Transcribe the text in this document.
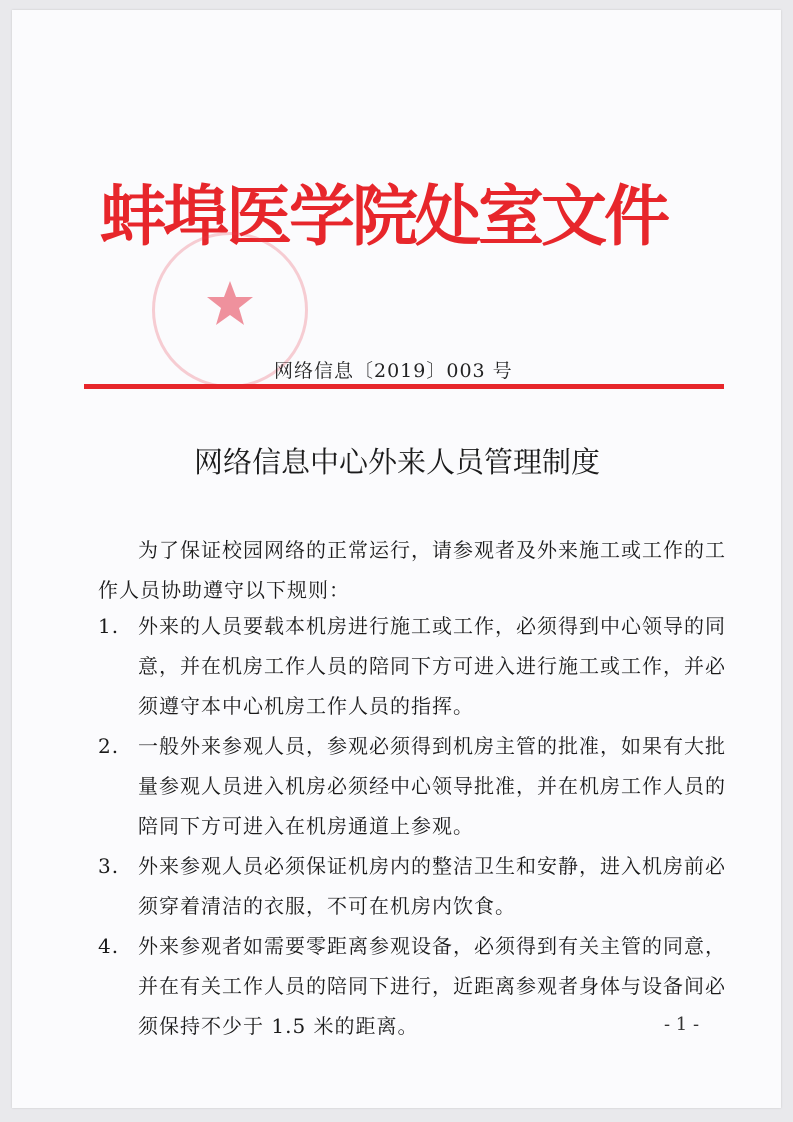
蚌埠医学院处室文件
网络信息〔2019〕003 号
网络信息中心外来人员管理制度
为了保证校园网络的正常运行，请参观者及外来施工或工作的工作人员协助遵守以下规则：
1. 外来的人员要载本机房进行施工或工作，必须得到中心领导的同意，并在机房工作人员的陪同下方可进入进行施工或工作，并必须遵守本中心机房工作人员的指挥。
2. 一般外来参观人员，参观必须得到机房主管的批准，如果有大批量参观人员进入机房必须经中心领导批准，并在机房工作人员的陪同下方可进入在机房通道上参观。
3. 外来参观人员必须保证机房内的整洁卫生和安静，进入机房前必须穿着清洁的衣服，不可在机房内饮食。
4. 外来参观者如需要零距离参观设备，必须得到有关主管的同意，并在有关工作人员的陪同下进行，近距离参观者身体与设备间必须保持不少于 1.5 米的距离。	- 1 -
